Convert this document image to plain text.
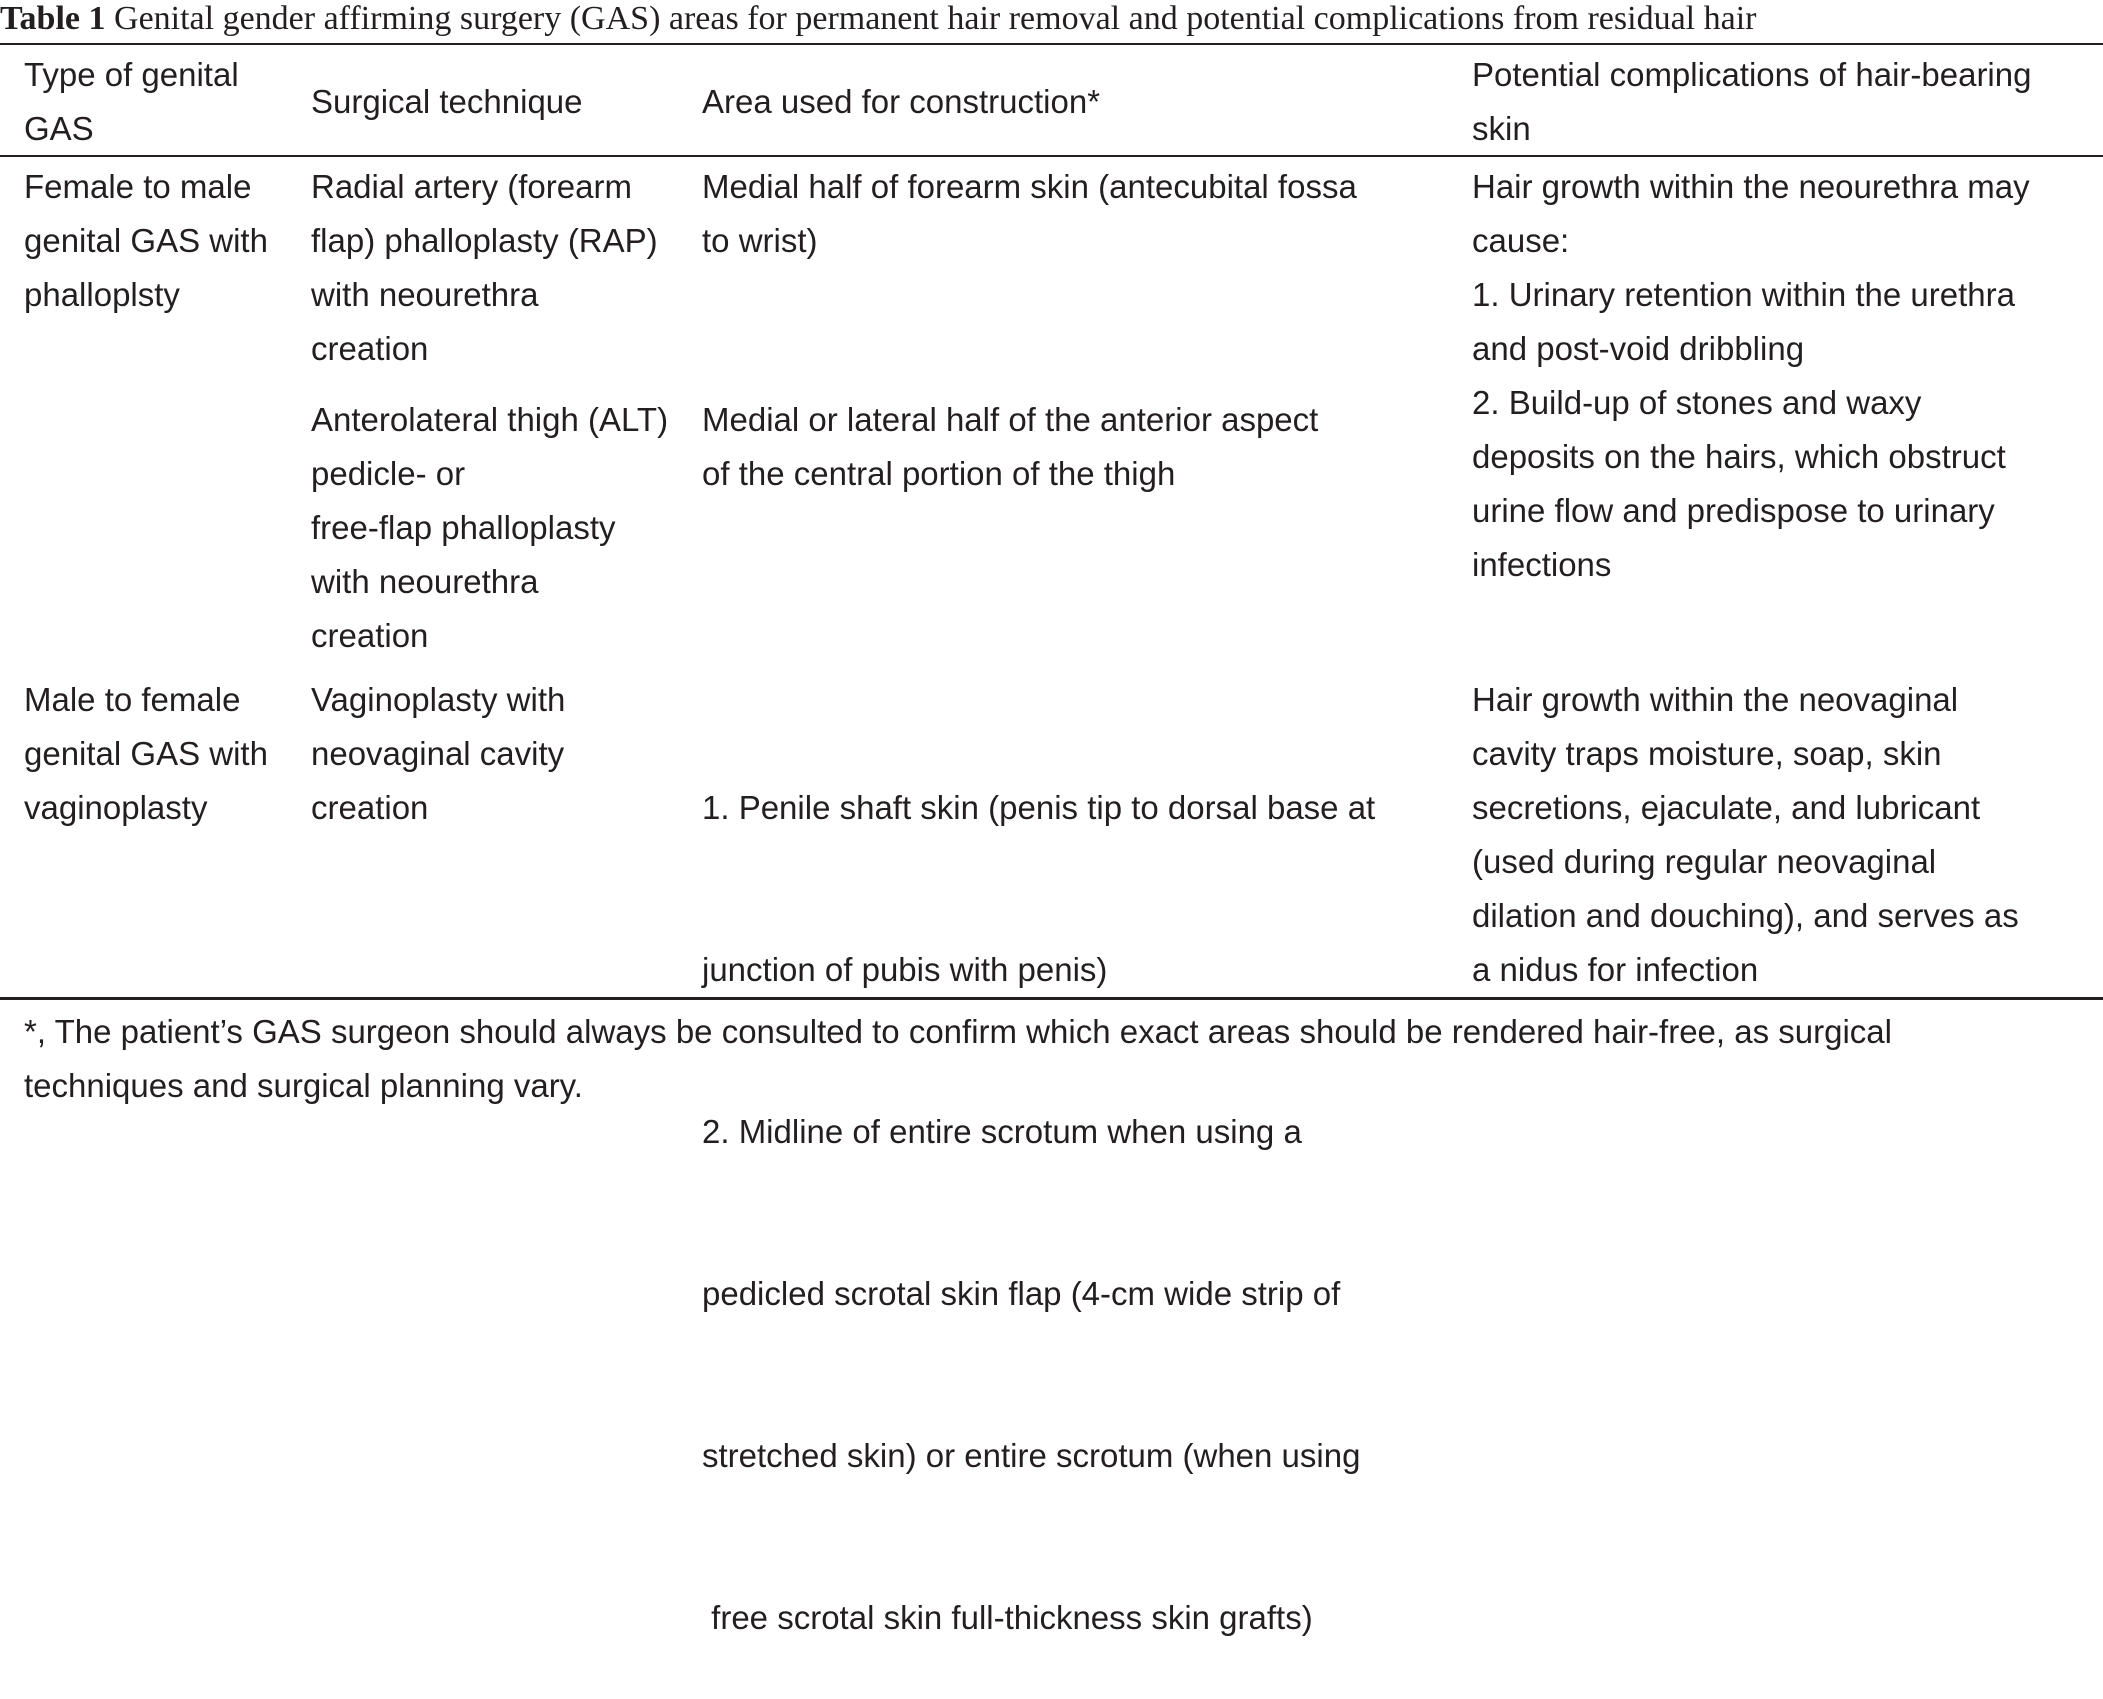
Table 1 Genital gender affirming surgery (GAS) areas for permanent hair removal and potential complications from residual hair
Type of genital
GAS
Surgical technique	Area used for construction*
Potential complications of hair-bearing
skin
Female to male
genital GAS with
phalloplsty
Radial artery (forearm
flap) phalloplasty (RAP)
with neourethra
creation
Medial half of forearm skin (antecubital fossa
to wrist)
Anterolateral thigh (ALT)
pedicle- or
free-flap phalloplasty
with neourethra
creation
Medial or lateral half of the anterior aspect
of the central portion of the thigh
Hair growth within the neourethra may
cause:
1. Urinary retention within the urethra
and post-void dribbling
2. Build-up of stones and waxy
deposits on the hairs, which obstruct
urine flow and predispose to urinary
infections
Male to female
genital GAS with
vaginoplasty
Vaginoplasty with
neovaginal cavity
creation

	1. Penile shaft skin (penis tip to dorsal base at

junction of pubis with penis)

2. Midline of entire scrotum when using a

pedicled scrotal skin flap (4-cm wide strip of

stretched skin) or entire scrotum (when using

free scrotal skin full-thickness skin grafts)

Hair growth within the neovaginal
cavity traps moisture, soap, skin
secretions, ejaculate, and lubricant
(used during regular neovaginal
dilation and douching), and serves as
a nidus for infection
*, The patient’s GAS surgeon should always be consulted to confirm which exact areas should be rendered hair-free, as surgical
techniques and surgical planning vary.
